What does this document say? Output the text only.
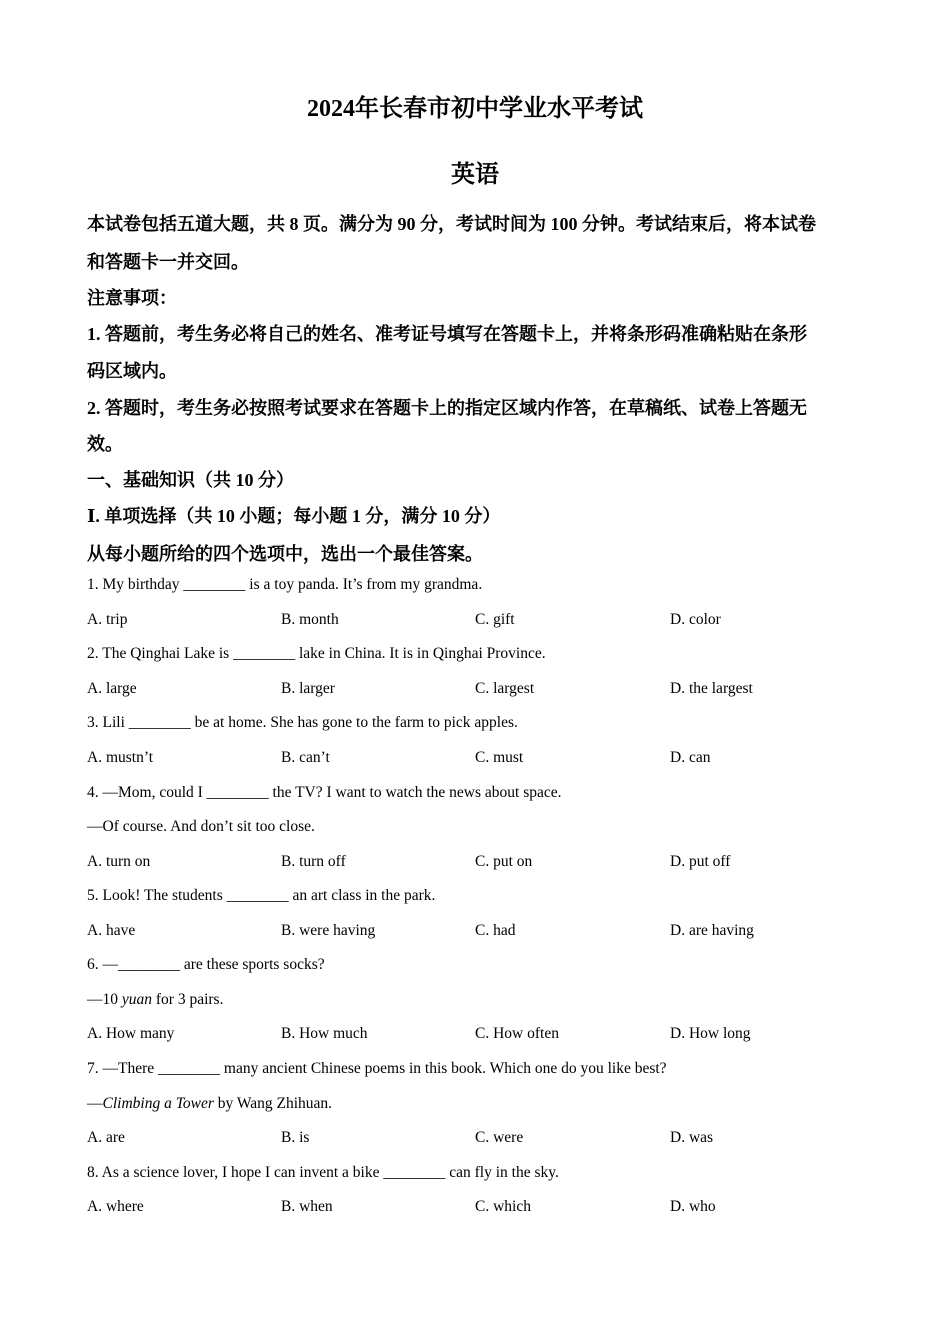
2024年长春市初中学业水平考试
英语
本试卷包括五道大题，共 8 页。满分为 90 分，考试时间为 100 分钟。考试结束后，将本试卷
和答题卡一并交回。
注意事项：
1. 答题前，考生务必将自己的姓名、准考证号填写在答题卡上，并将条形码准确粘贴在条形
码区域内。
2. 答题时，考生务必按照考试要求在答题卡上的指定区域内作答，在草稿纸、试卷上答题无
效。
一、基础知识（共 10 分）
Ⅰ. 单项选择（共 10 小题；每小题 1 分，满分 10 分）
从每小题所给的四个选项中，选出一个最佳答案。
1. My birthday ________ is a toy panda. It’s from my grandma.
A. trip	B. month	C. gift	D. color
2. The Qinghai Lake is ________ lake in China. It is in Qinghai Province.
A. large	B. larger	C. largest	D. the largest
3. Lili ________ be at home. She has gone to the farm to pick apples.
A. mustn’t	B. can’t	C. must	D. can
4. —Mom, could I ________ the TV? I want to watch the news about space.
—Of course. And don’t sit too close.
A. turn on	B. turn off	C. put on	D. put off
5. Look! The students ________ an art class in the park.
A. have	B. were having	C. had	D. are having
6. —________ are these sports socks?
—10 yuan for 3 pairs.
A. How many	B. How much	C. How often	D. How long
7. —There ________ many ancient Chinese poems in this book. Which one do you like best?
—Climbing a Tower by Wang Zhihuan.
A. are	B. is	C. were	D. was
8. As a science lover, I hope I can invent a bike ________ can fly in the sky.
A. where	B. when	C. which	D. who
